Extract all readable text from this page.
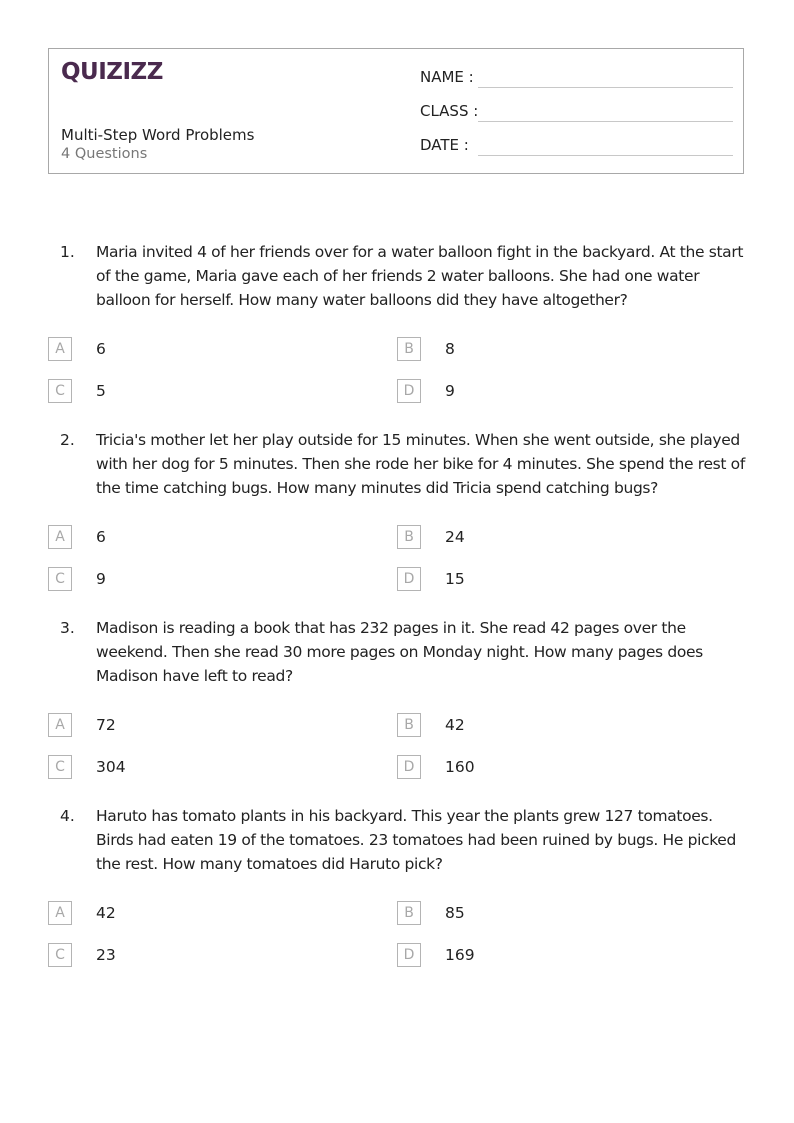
QUIZIZZ
Multi-Step Word Problems
4 Questions
NAME :
CLASS :
DATE :
1. Maria invited 4 of her friends over for a water balloon fight in the backyard. At the start of the game, Maria gave each of her friends 2 water balloons. She had one water balloon for herself. How many water balloons did they have altogether?
A	6	B	8
C	5	D	9
2. Tricia's mother let her play outside for 15 minutes. When she went outside, she played with her dog for 5 minutes. Then she rode her bike for 4 minutes. She spend the rest of the time catching bugs. How many minutes did Tricia spend catching bugs?
A	6	B	24
C	9	D	15
3. Madison is reading a book that has 232 pages in it. She read 42 pages over the weekend. Then she read 30 more pages on Monday night. How many pages does Madison have left to read?
A	72	B	42
C	304	D	160
4. Haruto has tomato plants in his backyard. This year the plants grew 127 tomatoes. Birds had eaten 19 of the tomatoes. 23 tomatoes had been ruined by bugs. He picked the rest. How many tomatoes did Haruto pick?
A	42	B	85
C	23	D	169
